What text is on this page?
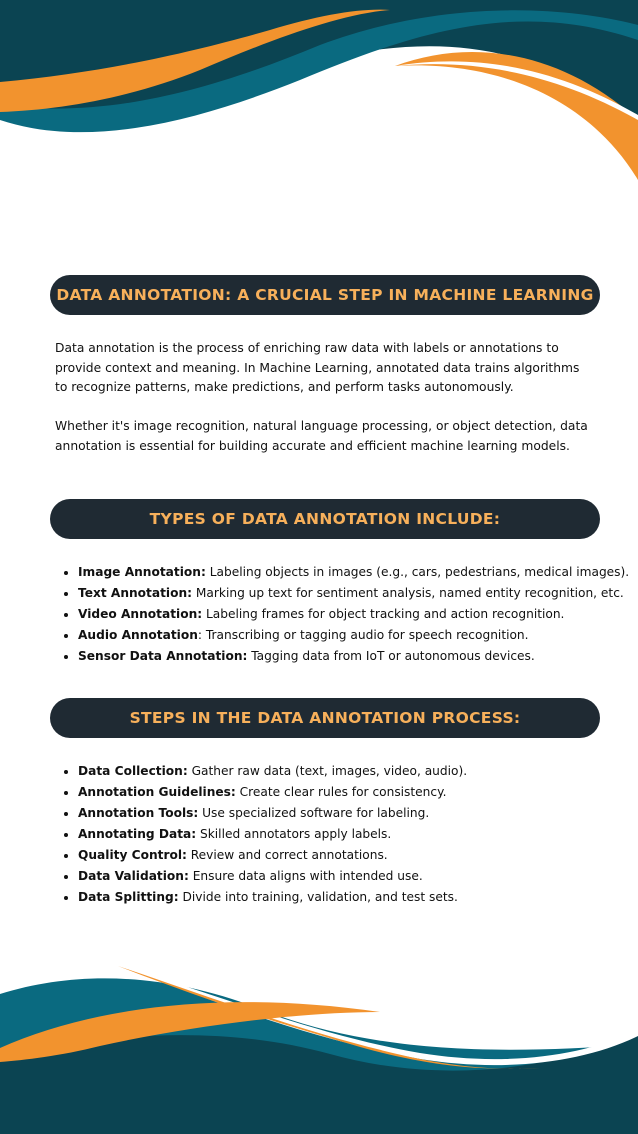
DATA ANNOTATION: A CRUCIAL STEP IN MACHINE LEARNING

Data annotation is the process of enriching raw data with labels or annotations to provide context and meaning. In Machine Learning, annotated data trains algorithms to recognize patterns, make predictions, and perform tasks autonomously.

Whether it's image recognition, natural language processing, or object detection, data annotation is essential for building accurate and efficient machine learning models.

TYPES OF DATA ANNOTATION INCLUDE:
• Image Annotation: Labeling objects in images (e.g., cars, pedestrians, medical images).
• Text Annotation: Marking up text for sentiment analysis, named entity recognition, etc.
• Video Annotation: Labeling frames for object tracking and action recognition.
• Audio Annotation: Transcribing or tagging audio for speech recognition.
• Sensor Data Annotation: Tagging data from IoT or autonomous devices.
STEPS IN THE DATA ANNOTATION PROCESS:
• Data Collection: Gather raw data (text, images, video, audio).
• Annotation Guidelines: Create clear rules for consistency.
• Annotation Tools: Use specialized software for labeling.
• Annotating Data: Skilled annotators apply labels.
• Quality Control: Review and correct annotations.
• Data Validation: Ensure data aligns with intended use.
• Data Splitting: Divide into training, validation, and test sets.
